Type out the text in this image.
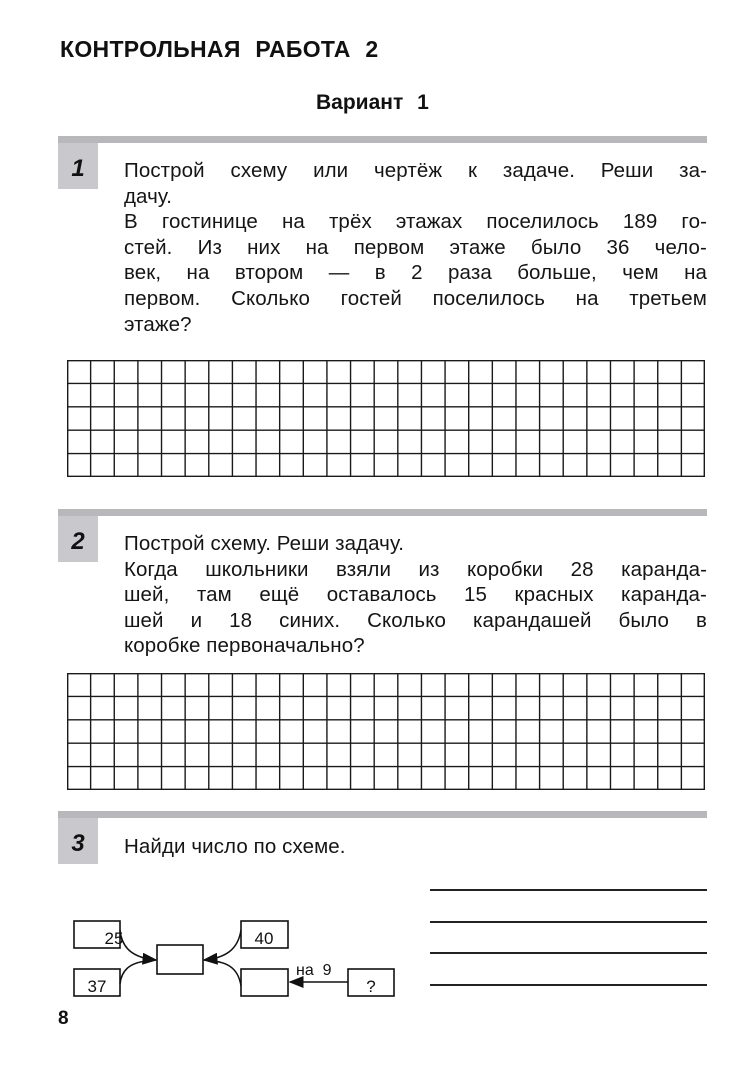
КОНТРОЛЬНАЯ РАБОТА 2
Вариант 1
1 Построй схему или чертёж к задаче. Реши за-
дачу.
В гостинице на трёх этажах поселилось 189 го-
стей. Из них на первом этаже было 36 чело-
век, на втором — в 2 раза больше, чем на
первом. Сколько гостей поселилось на третьем
этаже?
2 Построй схему. Реши задачу.
Когда школьники взяли из коробки 28 каранда-
шей, там ещё оставалось 15 красных каранда-
шей и 18 синих. Сколько карандашей было в
коробке первоначально?
3 Найди число по схеме.
25
37
40
?
на  9
8
